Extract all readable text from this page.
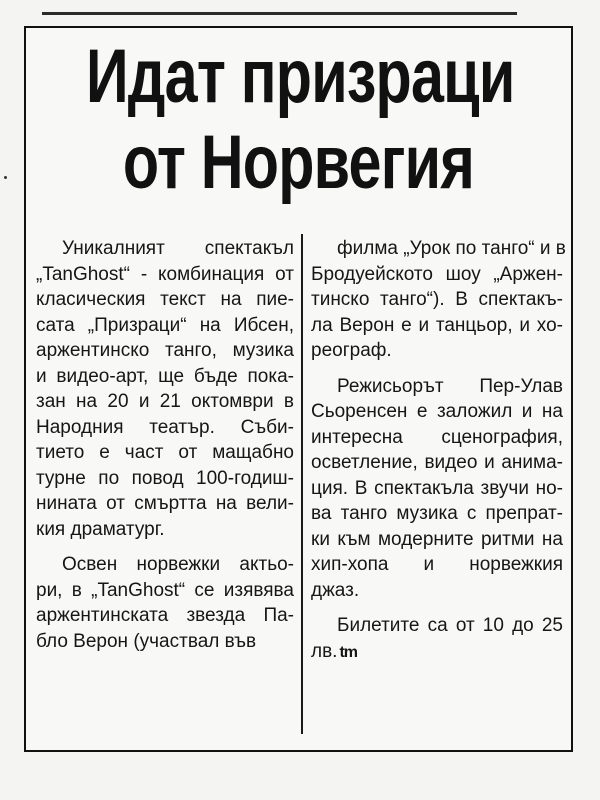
Идат призраци
от Норвегия

Уникалният спектакъл
„TanGhost“ - комбинация от
класическия текст на пие-
сата „Призраци“ на Ибсен,
аржентинско танго, музика
и видео-арт, ще бъде пока-
зан на 20 и 21 октомври в
Народния театър. Съби-
тието е част от мащабно
турне по повод 100-годиш-
нината от смъртта на вели-
кия драматург.

Освен норвежки актьо-
ри, в „TanGhost“ се изявява
аржентинската звезда Па-
бло Верон (участвал във

филма „Урок по танго“ и в
Бродуейското шоу „Аржен-
тинско танго“). В спектакъ-
ла Верон е и танцьор, и хо-
реограф.

Режисьорът Пер-Улав
Сьоренсен е заложил и на
интересна сценография,
осветление, видео и анима-
ция. В спектакъла звучи но-
ва танго музика с препрат-
ки към модерните ритми на
хип-хопа и норвежкия
джаз.

Билетите са от 10 до 25
лв. tm
